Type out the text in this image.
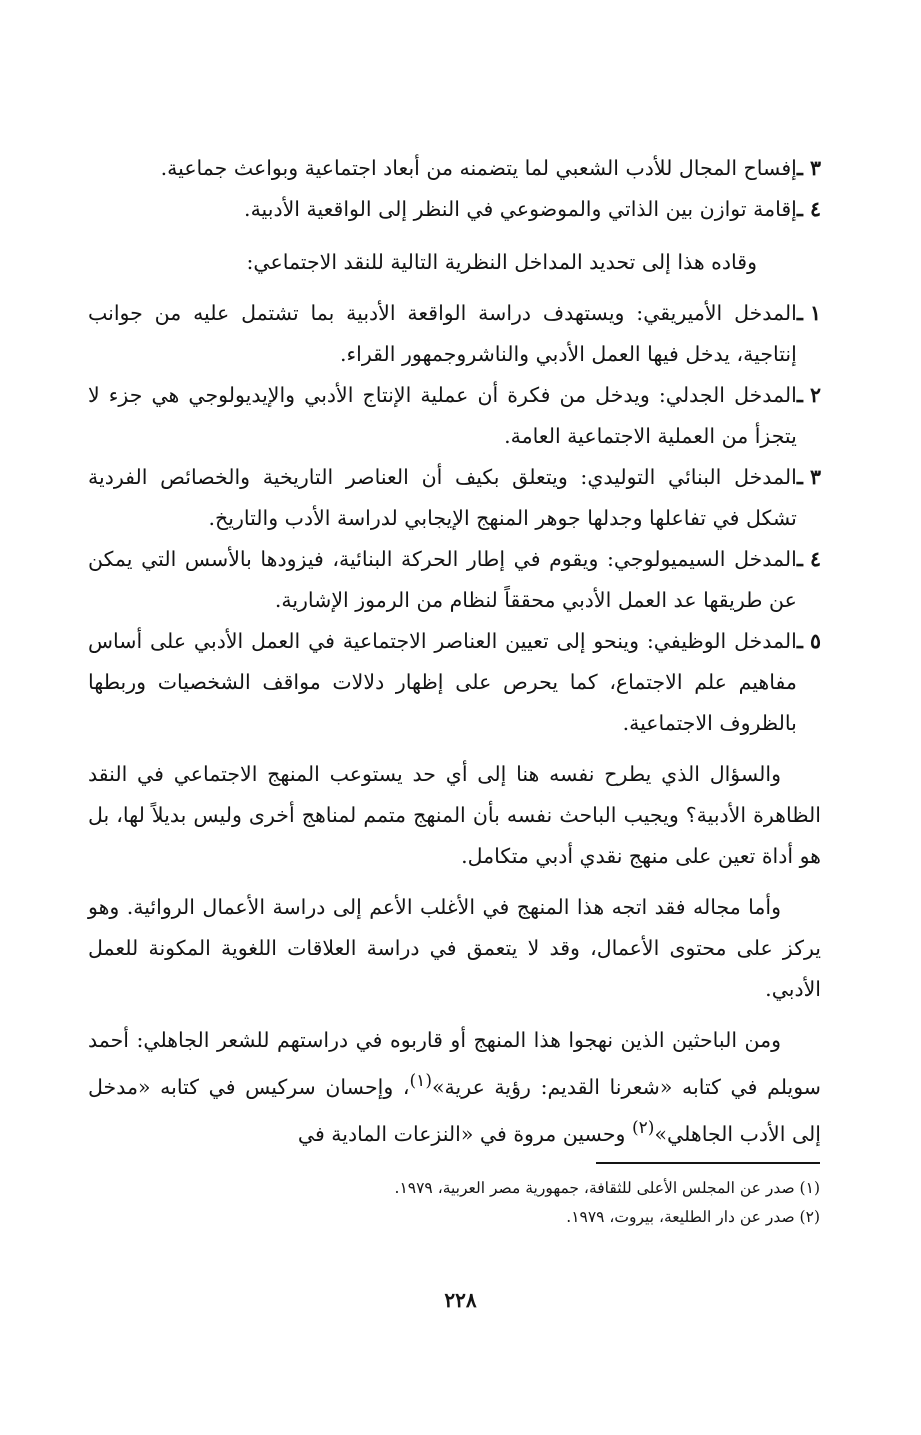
٣ ـ
إفساح المجال للأدب الشعبي لما يتضمنه من أبعاد اجتماعية وبواعث جماعية.
٤ ـ
إقامة توازن بين الذاتي والموضوعي في النظر إلى الواقعية الأدبية.
وقاده هذا إلى تحديد المداخل النظرية التالية للنقد الاجتماعي:
١ ـ
المدخل الأميريقي: ويستهدف دراسة الواقعة الأدبية بما تشتمل عليه من جوانب إنتاجية، يدخل فيها العمل الأدبي والناشروجمهور القراء.
٢ ـ
المدخل الجدلي: ويدخل من فكرة أن عملية الإنتاج الأدبي والإيديولوجي هي جزء لا يتجزأ من العملية الاجتماعية العامة.
٣ ـ
المدخل البنائي التوليدي: ويتعلق بكيف أن العناصر التاريخية والخصائص الفردية تشكل في تفاعلها وجدلها جوهر المنهج الإيجابي لدراسة الأدب والتاريخ.
٤ ـ
المدخل السيميولوجي: ويقوم في إطار الحركة البنائية، فيزودها بالأسس التي يمكن عن طريقها عد العمل الأدبي محققاً لنظام من الرموز الإشارية.
٥ ـ
المدخل الوظيفي: وينحو إلى تعيين العناصر الاجتماعية في العمل الأدبي على أساس مفاهيم علم الاجتماع، كما يحرص على إظهار دلالات مواقف الشخصيات وربطها بالظروف الاجتماعية.

والسؤال الذي يطرح نفسه هنا إلى أي حد يستوعب المنهج الاجتماعي في النقد الظاهرة الأدبية؟ ويجيب الباحث نفسه بأن المنهج متمم لمناهج أخرى وليس بديلاً لها، بل هو أداة تعين على منهج نقدي أدبي متكامل.

وأما مجاله فقد اتجه هذا المنهج في الأغلب الأعم إلى دراسة الأعمال الروائية. وهو يركز على محتوى الأعمال، وقد لا يتعمق في دراسة العلاقات اللغوية المكونة للعمل الأدبي.

ومن الباحثين الذين نهجوا هذا المنهج أو قاربوه في دراستهم للشعر الجاهلي: أحمد سويلم في كتابه «شعرنا القديم: رؤية عرية»$^{(١)}$، وإحسان سركيس في كتابه «مدخل إلى الأدب الجاهلي»$^{(٢)}$ وحسين مروة في «النزعات المادية في

(١) صدر عن المجلس الأعلى للثقافة، جمهورية مصر العربية، ١٩٧٩.
(٢) صدر عن دار الطليعة، بيروت، ١٩٧٩.
٢٢٨
